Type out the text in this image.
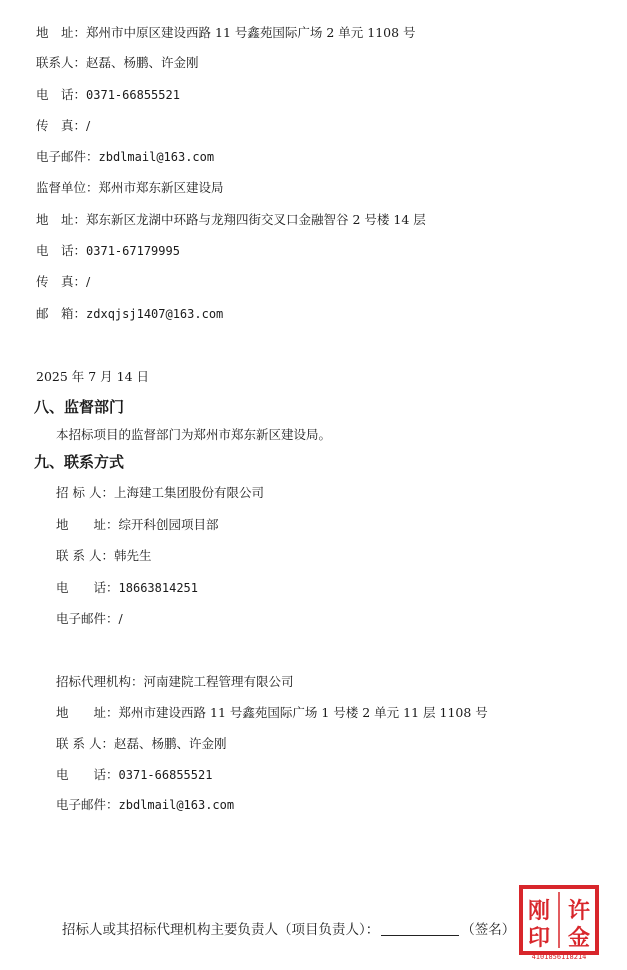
地　址：郑州市中原区建设西路 11 号鑫苑国际广场 2 单元 1108 号
联系人：赵磊、杨鹏、许金刚
电　话：0371-66855521
传　真：/
电子邮件：zbdlmail@163.com
监督单位：郑州市郑东新区建设局
地　址：郑东新区龙湖中环路与龙翔四街交叉口金融智谷 2 号楼 14 层
电　话：0371-67179995
传　真：/
邮　箱：zdxqjsj1407@163.com
2025 年 7 月 14 日
八、监督部门
本招标项目的监督部门为郑州市郑东新区建设局。
九、联系方式
招 标 人：上海建工集团股份有限公司
地　　址：综开科创园项目部
联 系 人：韩先生
电　　话：18663814251
电子邮件：/
招标代理机构：河南建院工程管理有限公司
地　　址：郑州市建设西路 11 号鑫苑国际广场 1 号楼 2 单元 11 层 1108 号
联 系 人：赵磊、杨鹏、许金刚
电　　话：0371-66855521
电子邮件：zbdlmail@163.com
招标人或其招标代理机构主要负责人（项目负责人）：	（签名）
刚 许
印 金
4101856118214
